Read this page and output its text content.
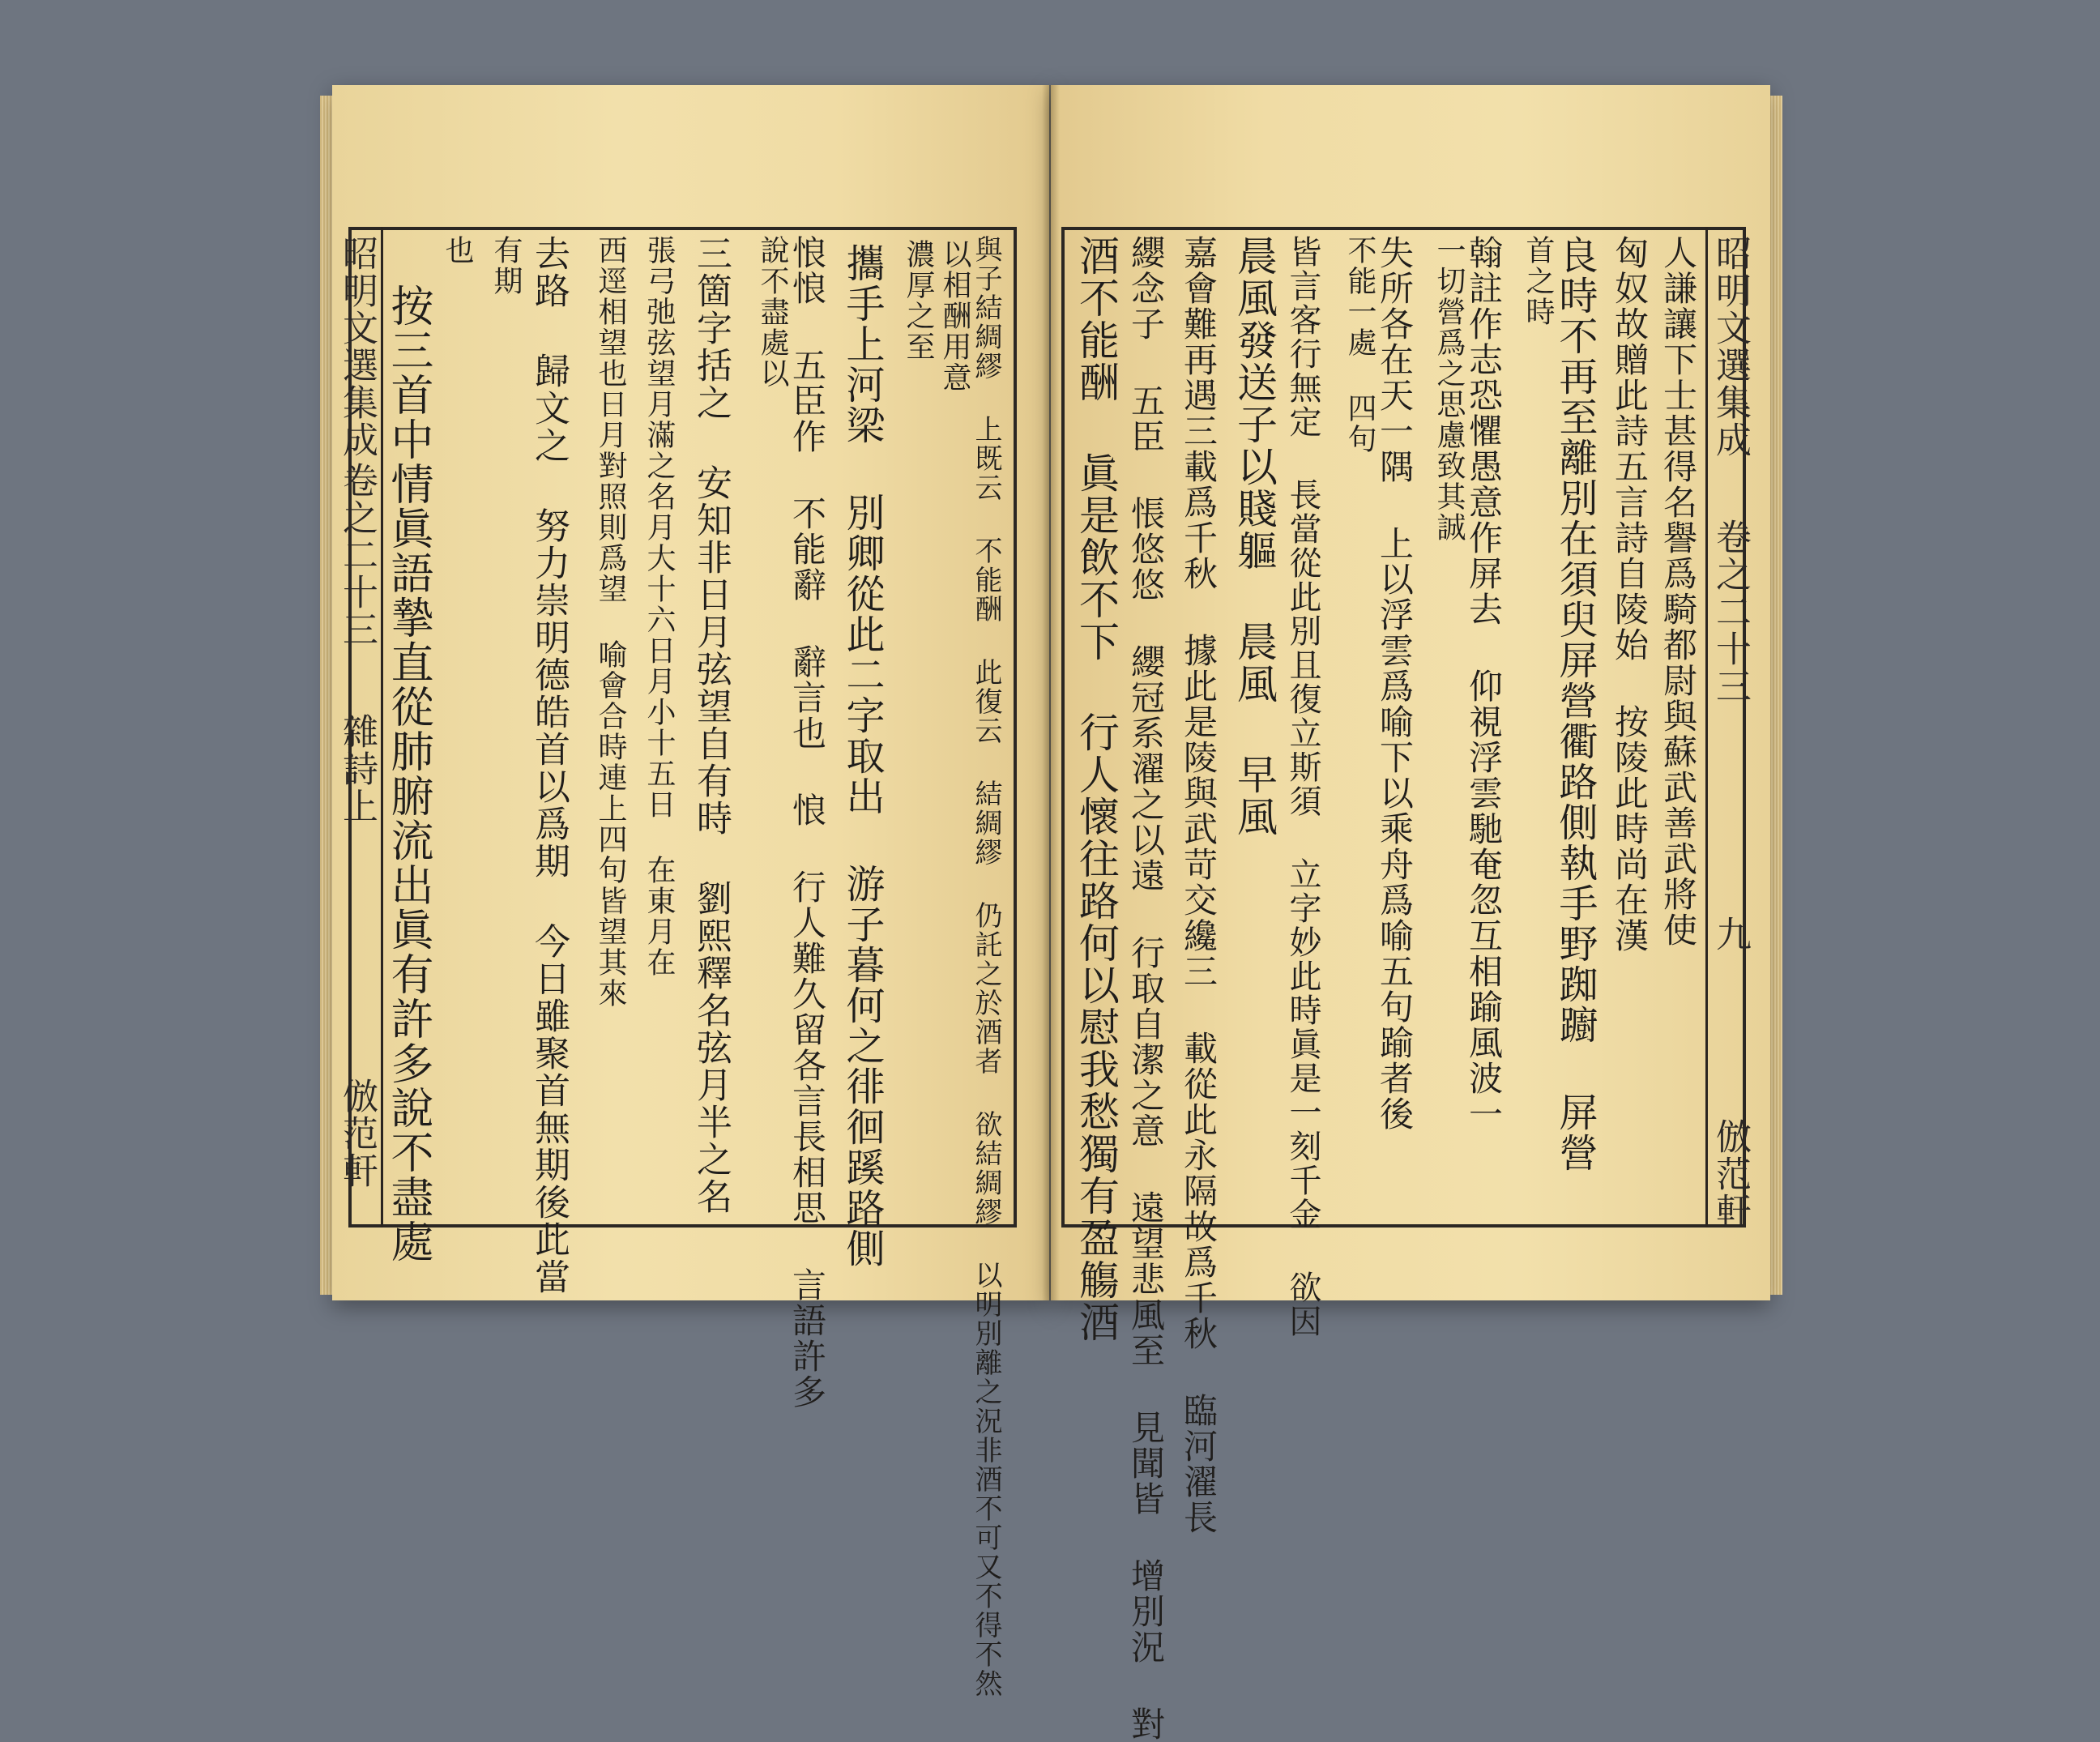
昭明文選集成
卷之二十三
雜詩上
倣范軒 按三首中情眞語摯直從肺腑流出眞有許多說不盡處
也 有期 去路 歸文之 努力崇明德皓首以爲期 今日雖聚首無期後此當 西逕相望也日月對照則爲望 喻會合時連上四句皆望其來 張弓弛弦望月滿之名月大十六日月小十五日 在東月在 三箇字括之 安知非日月弦望自有時 劉熙釋名弦月半之名 說不盡處以
悢悢 五臣作 不能辭 辭言也 悢 行人難久留各言長相思 言語許多 攜手上河梁 別卿從此二字取出 游子暮何之徘徊蹊路側 濃厚之至 以相酬用意
與子結綢繆 上既云 不能酬 此復云 結綢繆 仍託之於酒者 欲結綢繆 以明別離之況非酒不可又不得不然 酒不能酬 眞是飲不下 行人懷往路何以慰我愁獨有盈觴酒 纓念子 五臣 悵悠悠 纓冠系濯之以遠 行取自潔之意 遠望悲風至 見聞皆 增別況 對 嘉會難再遇三載爲千秋 據此是陵與武苛交纔三 載從此永隔故爲千秋 臨河濯長 晨風發送子以賤軀 晨風 早風 皆言客行無定 長當從此別且復立斯須 立字妙此時眞是一刻千金 欲因 不能一處 四句
失所各在天一隅 上以浮雲爲喻下以乘舟爲喻五句踰者後 一切營爲之思慮致其誠
翰註作志恐懼愚意作屏去 仰視浮雲馳奄忽互相踰風波一 首之時
良時不再至離別在須臾屏營衢路側執手野踟躕 屏營 匈奴故贈此詩五言詩自陵始 按陵此時尚在漢 人謙讓下士甚得名譽爲騎都尉與蘇武善武將使 昭明文選集成
卷之二十三
九
倣范軒
